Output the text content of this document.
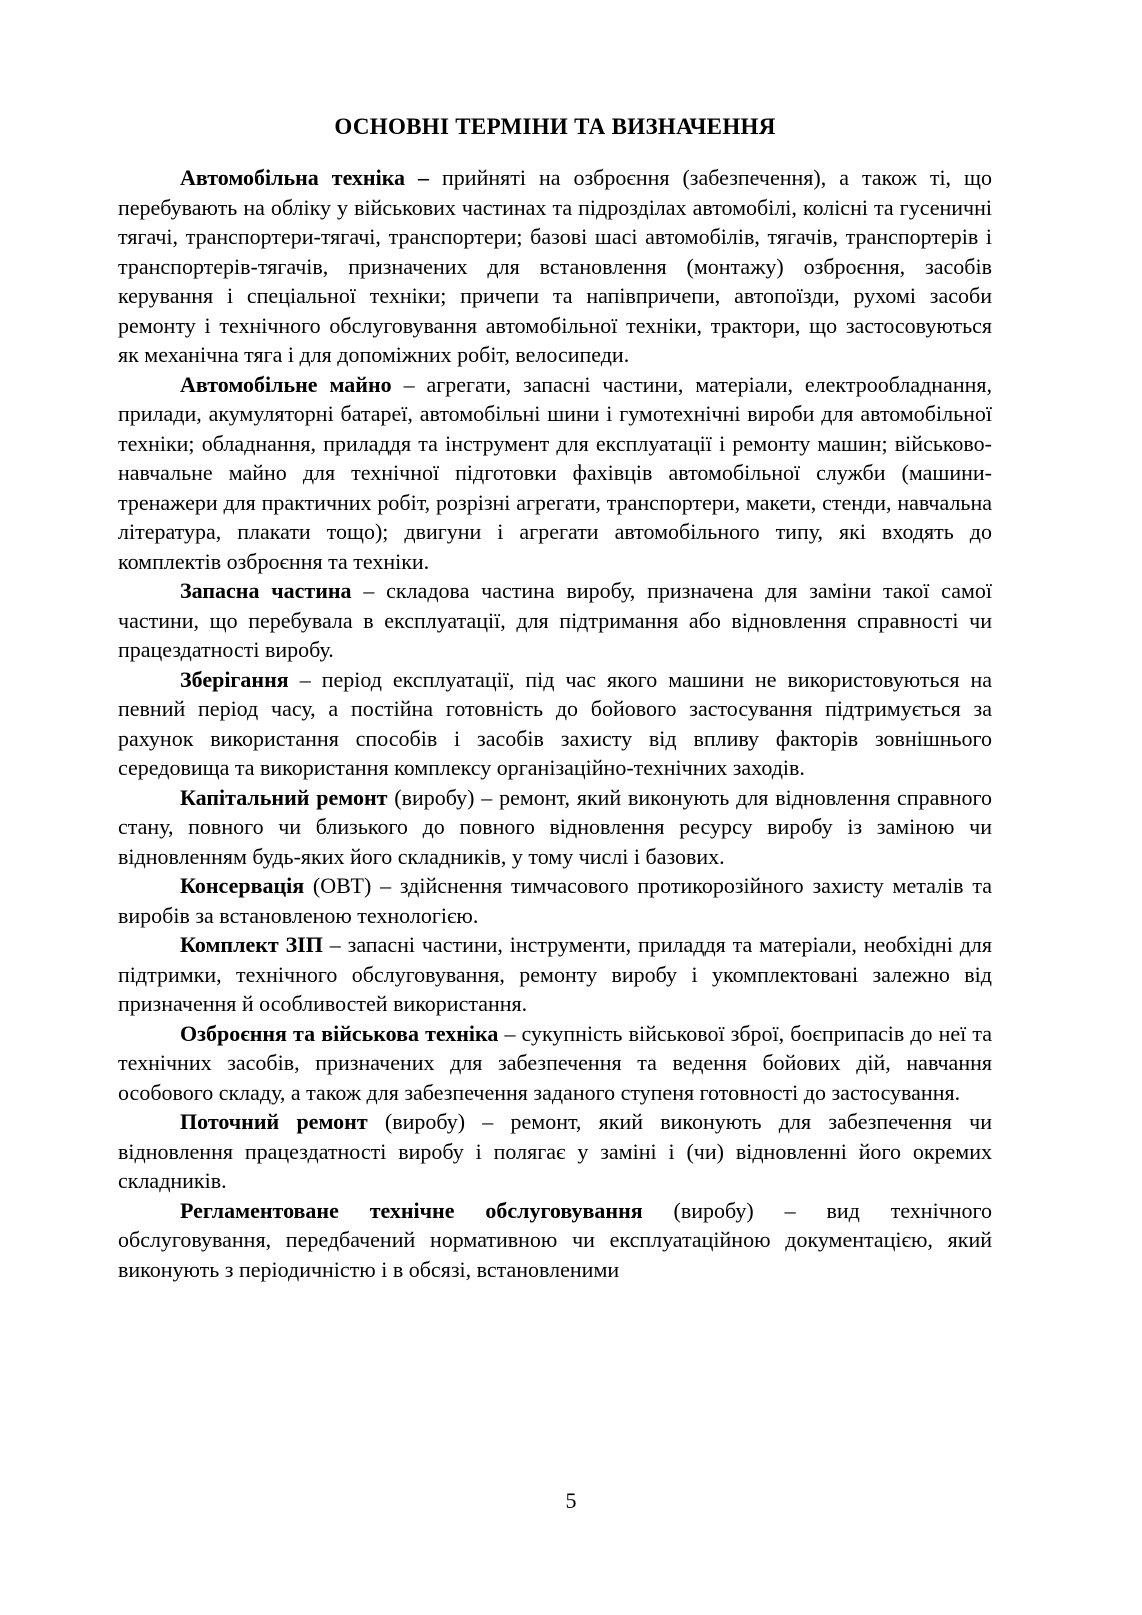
ОСНОВНІ ТЕРМІНИ ТА ВИЗНАЧЕННЯ

Автомобільна техніка – прийняті на озброєння (забезпечення), а також ті, що перебувають на обліку у військових частинах та підрозділах автомобілі, колісні та гусеничні тягачі, транспортери-тягачі, транспортери; базові шасі автомобілів, тягачів, транспортерів і транспортерів-тягачів, призначених для встановлення (монтажу) озброєння, засобів керування і спеціальної техніки; причепи та напівпричепи, автопоїзди, рухомі засоби ремонту і технічного обслуговування автомобільної техніки, трактори, що застосовуються як механічна тяга і для допоміжних робіт, велосипеди.

Автомобільне майно – агрегати, запасні частини, матеріали, електрообладнання, прилади, акумуляторні батареї, автомобільні шини і гумотехнічні вироби для автомобільної техніки; обладнання, приладдя та інструмент для експлуатації і ремонту машин; військово-навчальне майно для технічної підготовки фахівців автомобільної служби (машини-тренажери для практичних робіт, розрізні агрегати, транспортери, макети, стенди, навчальна література, плакати тощо); двигуни і агрегати автомобільного типу, які входять до комплектів озброєння та техніки.

Запасна частина – складова частина виробу, призначена для заміни такої самої частини, що перебувала в експлуатації, для підтримання або відновлення справності чи працездатності виробу.

Зберігання – період експлуатації, під час якого машини не використовуються на певний період часу, а постійна готовність до бойового застосування підтримується за рахунок використання способів і засобів захисту від впливу факторів зовнішнього середовища та використання комплексу організаційно-технічних заходів.

Капітальний ремонт (виробу) – ремонт, який виконують для відновлення справного стану, повного чи близького до повного відновлення ресурсу виробу із заміною чи відновленням будь-яких його складників, у тому числі і базових.

Консервація (ОВТ) – здійснення тимчасового протикорозійного захисту металів та виробів за встановленою технологією.

Комплект ЗІП – запасні частини, інструменти, приладдя та матеріали, необхідні для підтримки, технічного обслуговування, ремонту виробу і укомплектовані залежно від призначення й особливостей використання.

Озброєння та військова техніка – сукупність військової зброї, боєприпасів до неї та технічних засобів, призначених для забезпечення та ведення бойових дій, навчання особового складу, а також для забезпечення заданого ступеня готовності до застосування.

Поточний ремонт (виробу) – ремонт, який виконують для забезпечення чи відновлення працездатності виробу і полягає у заміні і (чи) відновленні його окремих складників.

Регламентоване технічне обслуговування (виробу) – вид технічного обслуговування, передбачений нормативною чи експлуатаційною документацією, який виконують з періодичністю і в обсязі, встановленими

5
